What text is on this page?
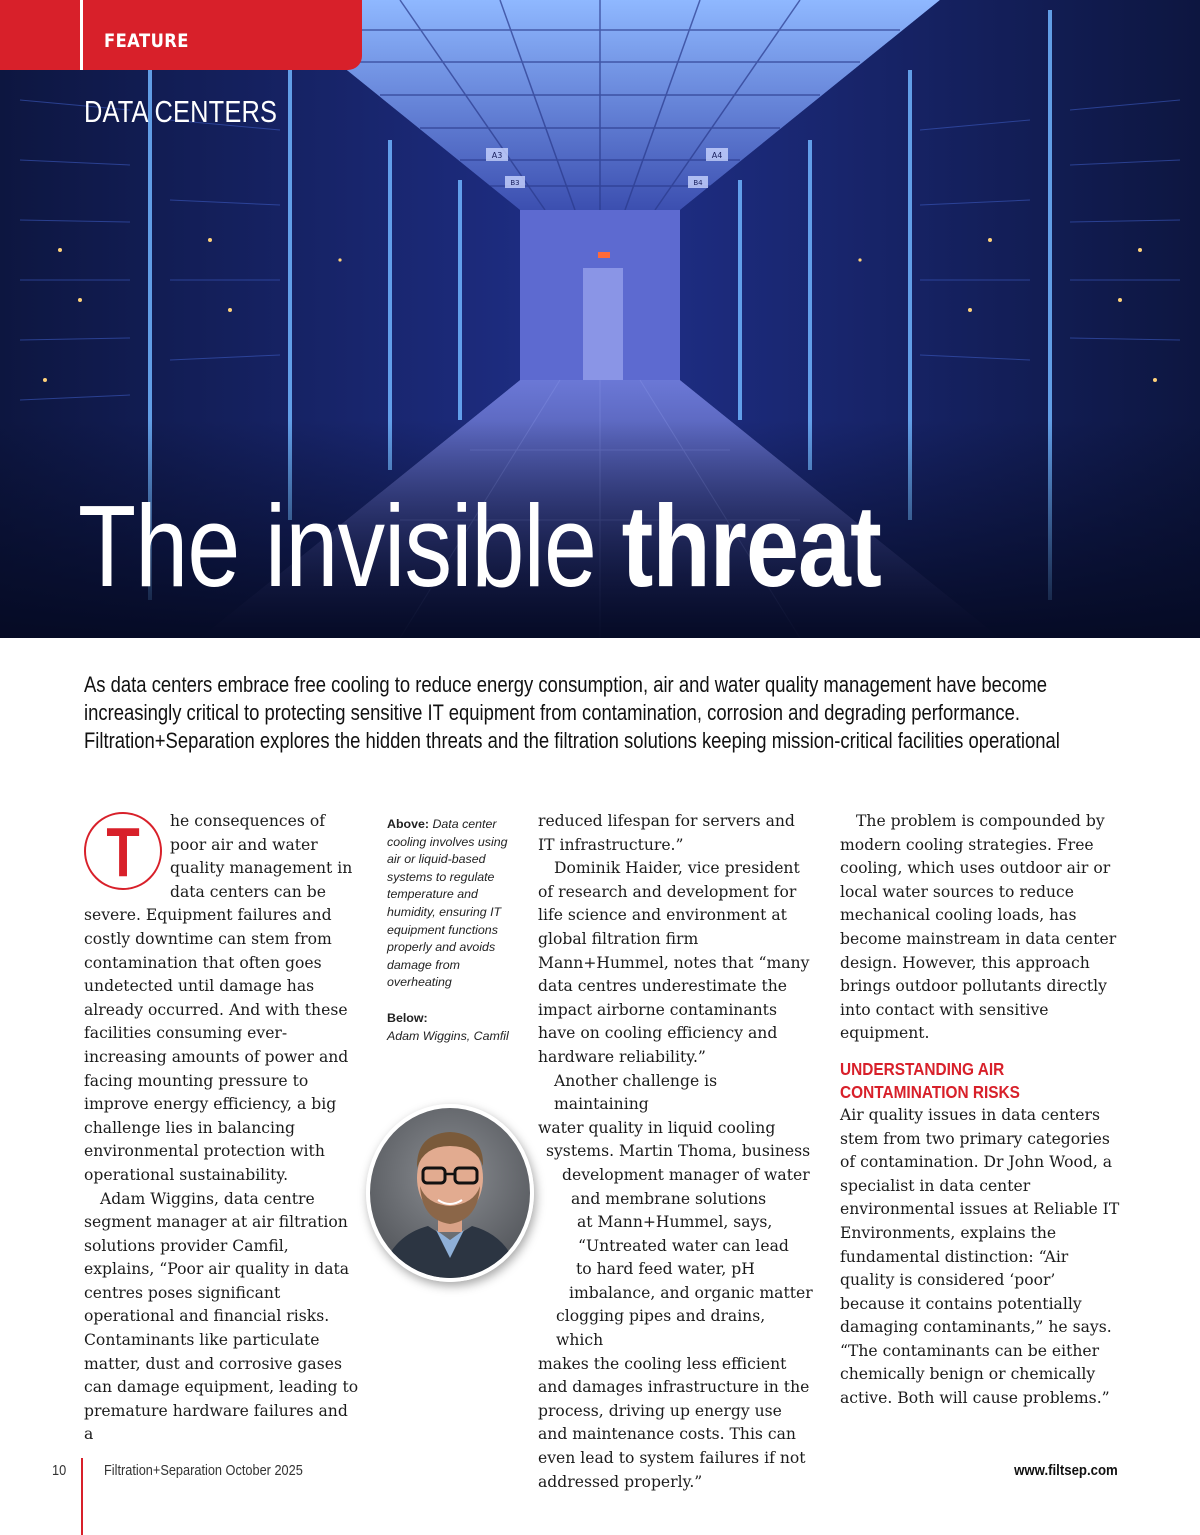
A3
B3
A4
B4
FEATURE
DATA CENTERS
The invisible threat

As data centers embrace free cooling to reduce energy consumption, air and water quality management have become increasingly critical to protecting sensitive IT equipment from contamination, corrosion and degrading performance. Filtration+Separation explores the hidden threats and the filtration solutions keeping mission-critical facilities operational

T	he consequences of poor air and water quality management in data centers can be severe. Equipment failures and costly downtime can stem from contamination that often goes undetected until damage has already occurred. And with these facilities consuming ever-increasing amounts of power and facing mounting pressure to improve energy efficiency, a big challenge lies in balancing environmental protection with operational sustainability.

Adam Wiggins, data centre segment manager at air filtration solutions provider Camfil, explains, “Poor air quality in data centres poses significant operational and financial risks. Contaminants like particulate matter, dust and corrosive gases can damage equipment, leading to premature hardware failures and a

Above: Data center cooling involves using air or liquid-based systems to regulate temperature and humidity, ensuring IT equipment functions properly and avoids damage from overheating

Below:
Adam Wiggins, Camfil

reduced lifespan for servers and IT infrastructure.”

Dominik Haider, vice president of research and development for life science and environment at global filtration firm Mann+Hummel, notes that “many data centres underestimate the impact airborne contaminants have on cooling efficiency and hardware reliability.”

Another challenge is maintaining
water quality in liquid cooling
systems. Martin Thoma, business
development manager of water
and membrane solutions
at Mann+Hummel, says,
“Untreated water can lead
to hard feed water, pH
imbalance, and organic matter
clogging pipes and drains, which

makes the cooling less efficient and damages infrastructure in the process, driving up energy use and maintenance costs. This can even lead to system failures if not addressed properly.”

The problem is compounded by modern cooling strategies. Free cooling, which uses outdoor air or local water sources to reduce mechanical cooling loads, has become mainstream in data center design. However, this approach brings outdoor pollutants directly into contact with sensitive equipment.

UNDERSTANDING AIR CONTAMINATION RISKS

Air quality issues in data centers stem from two primary categories of contamination. Dr John Wood, a specialist in data center environmental issues at Reliable IT Environments, explains the fundamental distinction: “Air quality is considered ‘poor’ because it contains potentially damaging contaminants,” he says. “The contaminants can be either chemically benign or chemically active. Both will cause problems.”

10	Filtration+Separation October 2025	www.filtsep.com
